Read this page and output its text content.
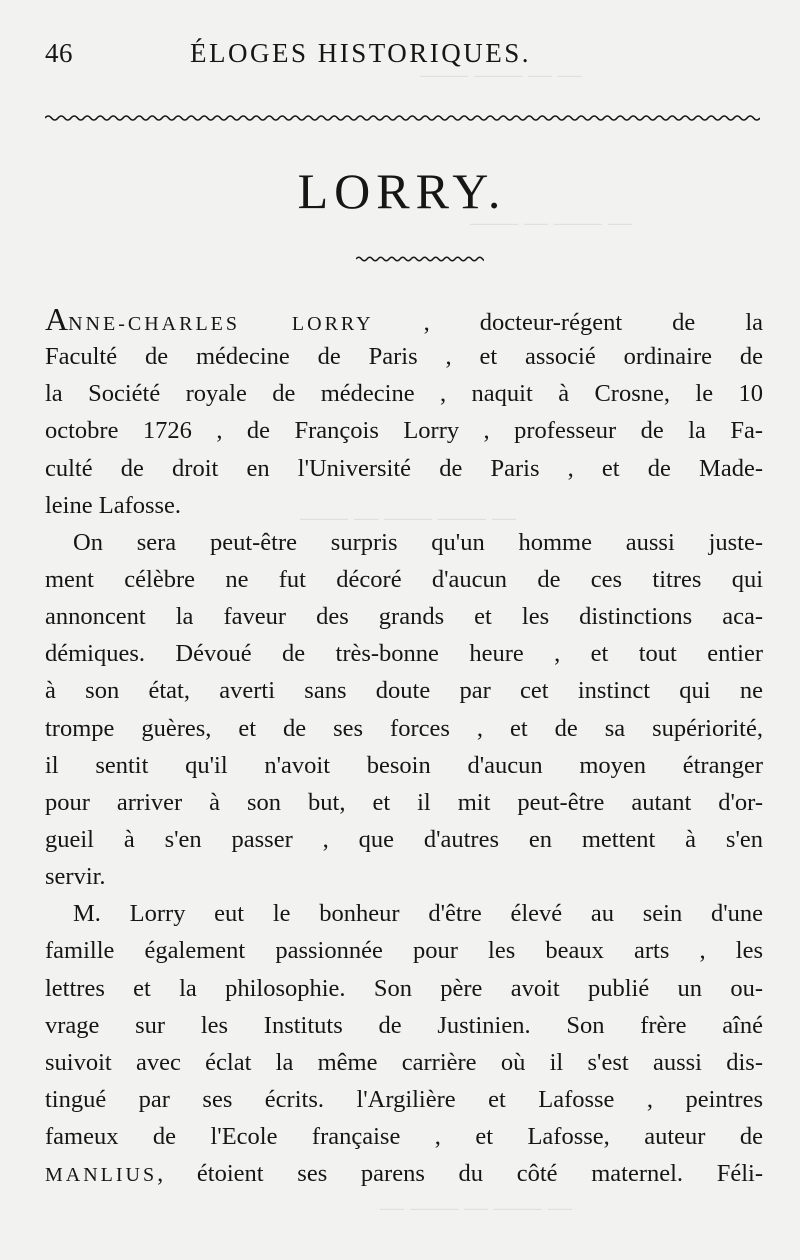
— — —— ——
— —— — ——
— —— —— — ——
— —— — —— —
46	ÉLOGES HISTORIQUES.
LORRY.
ANNE-CHARLES LORRY , docteur-régent de la
Faculté de médecine de Paris , et associé ordinaire de
la Société royale de médecine , naquit à Crosne, le 10
octobre 1726 , de François Lorry , professeur de la Fa-
culté de droit en l'Université de Paris , et de Made-
leine Lafosse.
On sera peut-être surpris qu'un homme aussi juste-
ment célèbre ne fut décoré d'aucun de ces titres qui
annoncent la faveur des grands et les distinctions aca-
démiques. Dévoué de très-bonne heure , et tout entier
à son état, averti sans doute par cet instinct qui ne
trompe guères, et de ses forces , et de sa supériorité,
il sentit qu'il n'avoit besoin d'aucun moyen étranger
pour arriver à son but, et il mit peut-être autant d'or-
gueil à s'en passer , que d'autres en mettent à s'en
servir.
M. Lorry eut le bonheur d'être élevé au sein d'une
famille également passionnée pour les beaux arts , les
lettres et la philosophie. Son père avoit publié un ou-
vrage sur les Instituts de Justinien. Son frère aîné
suivoit avec éclat la même carrière où il s'est aussi dis-
tingué par ses écrits. l'Argilière et Lafosse , peintres
fameux de l'Ecole française , et Lafosse, auteur de
MANLIUS, étoient ses parens du côté maternel. Féli-
